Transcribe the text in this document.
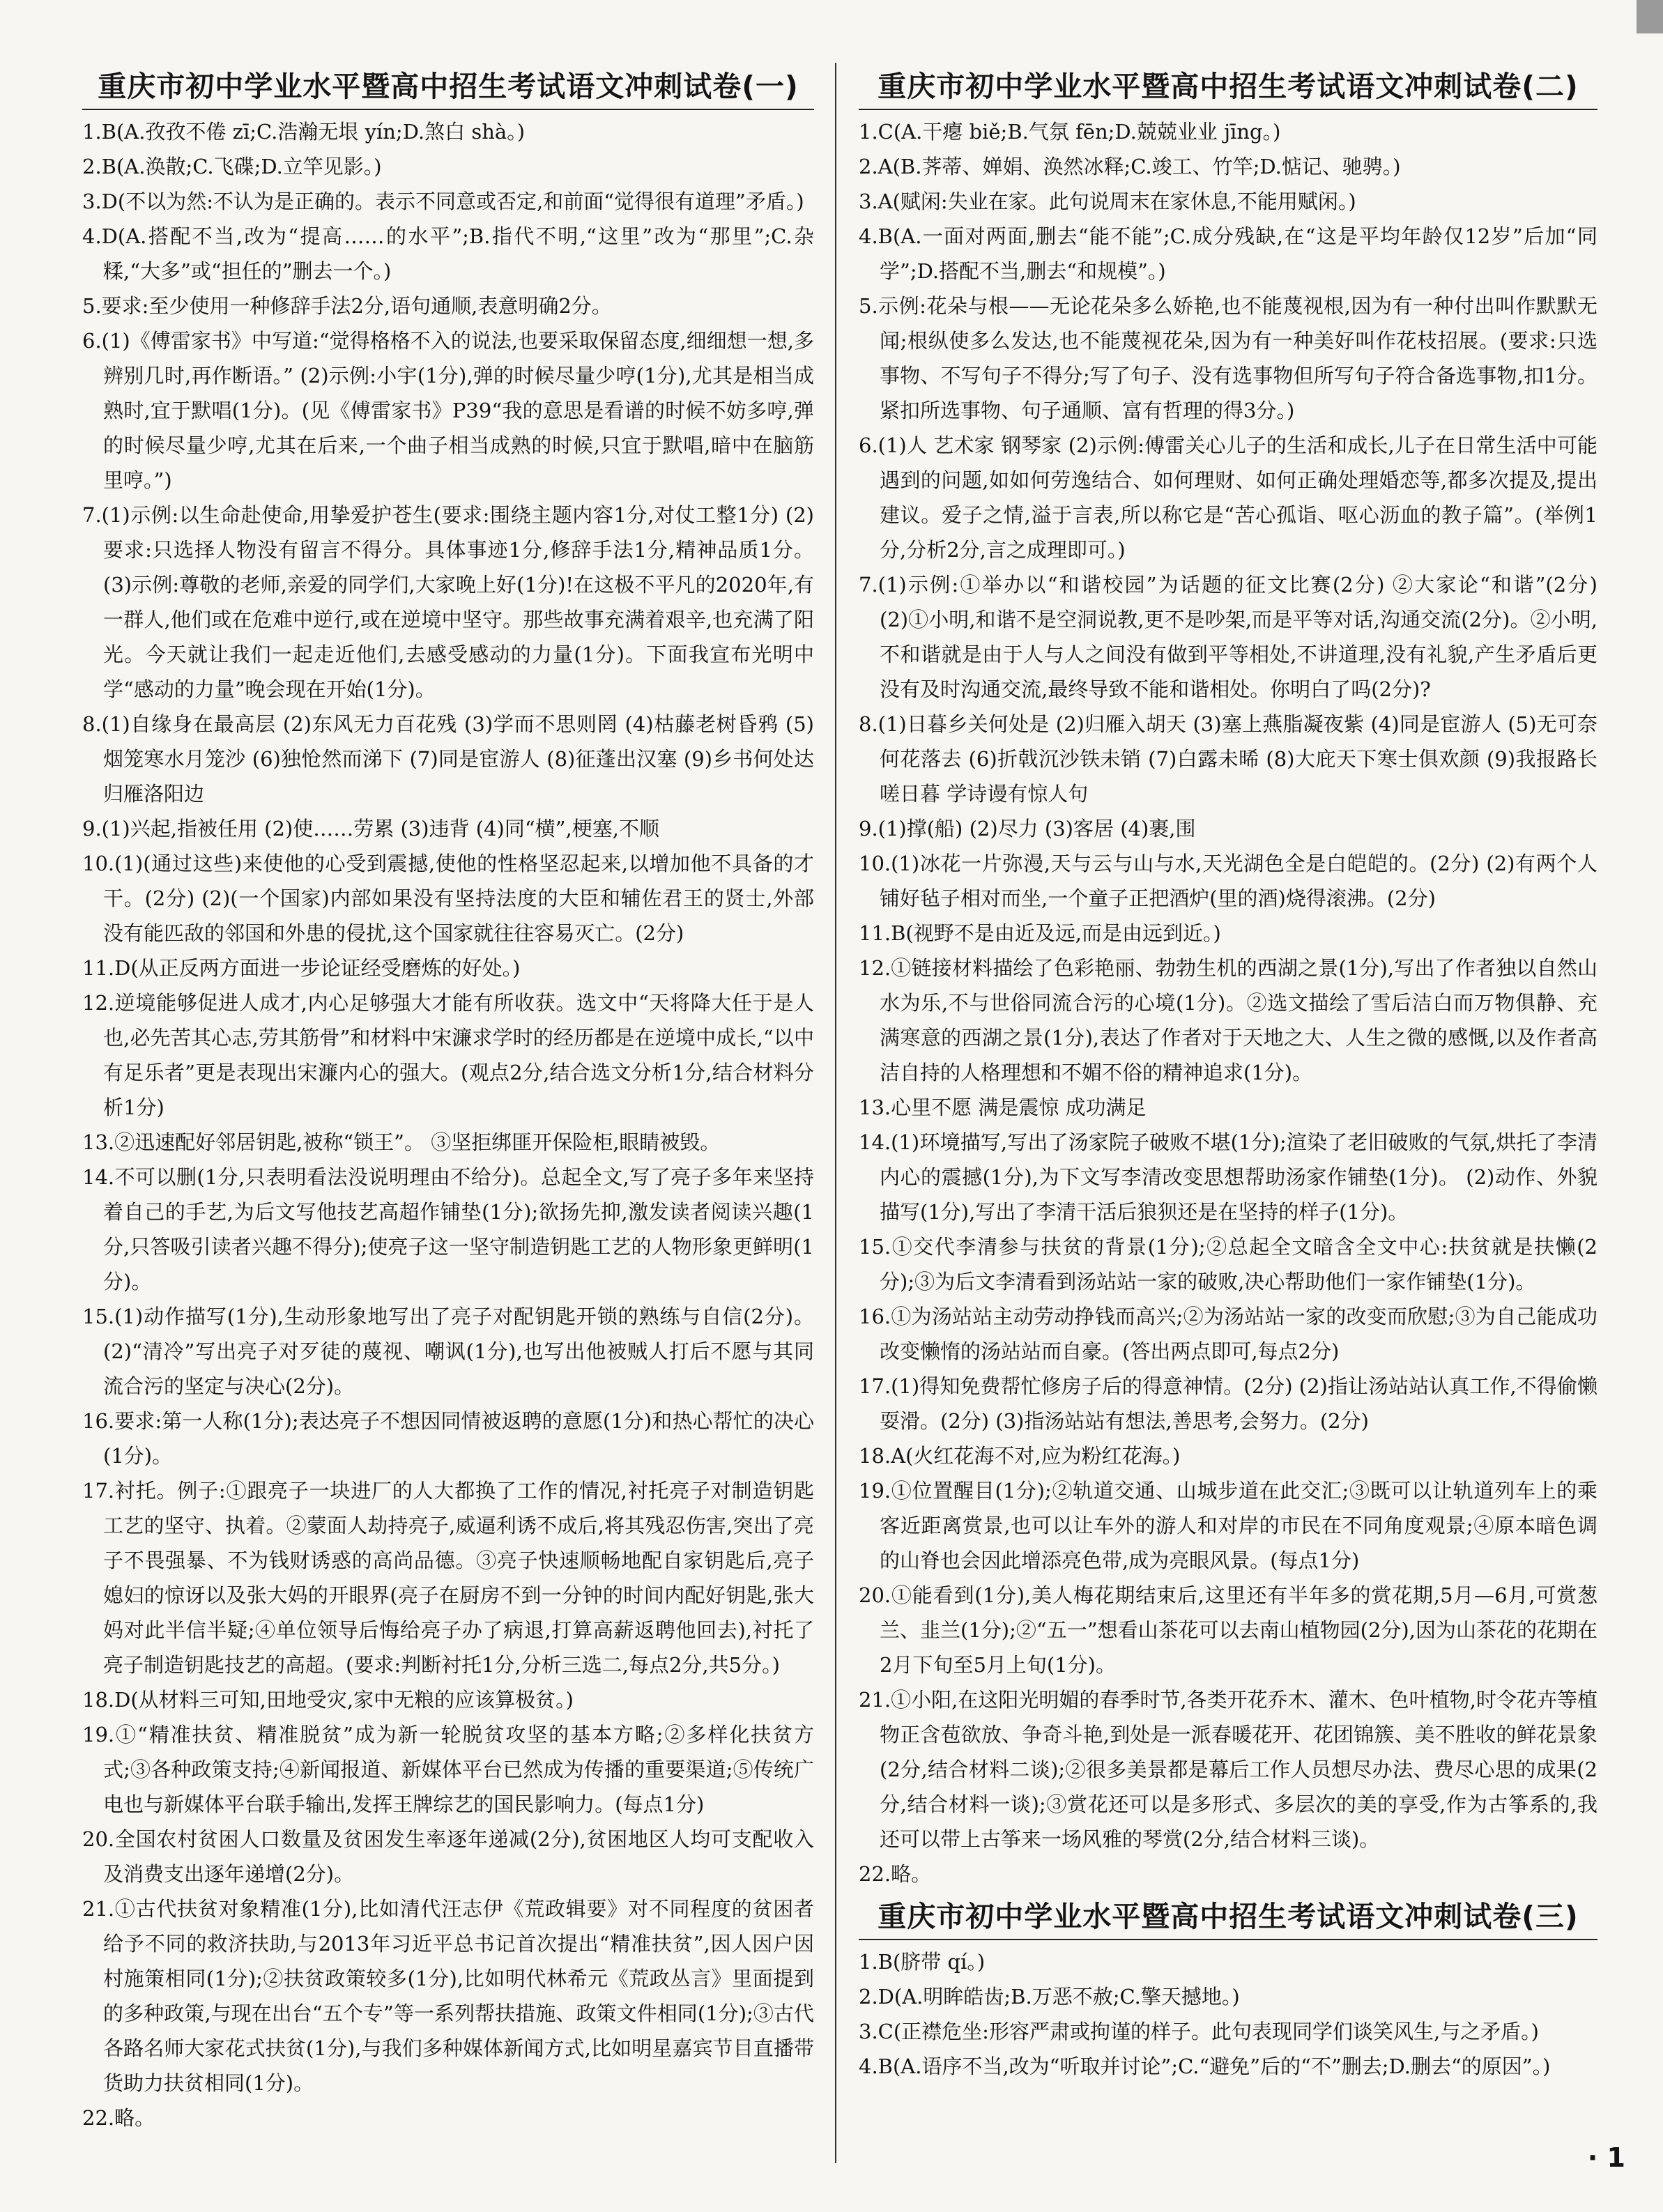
重庆市初中学业水平暨高中招生考试语文冲刺试卷(一)

1.B(A.孜孜不倦 zī;C.浩瀚无垠 yín;D.煞白 shà。)

2.B(A.涣散;C.飞碟;D.立竿见影。)

3.D(不以为然:不认为是正确的。表示不同意或否定,和前面“觉得很有道理”矛盾。)

4.D(A.搭配不当,改为“提高……的水平”;B.指代不明,“这里”改为“那里”;C.杂糅,“大多”或“担任的”删去一个。)

5.要求:至少使用一种修辞手法2分,语句通顺,表意明确2分。

6.(1)《傅雷家书》中写道:“觉得格格不入的说法,也要采取保留态度,细细想一想,多辨别几时,再作断语。” (2)示例:小宇(1分),弹的时候尽量少哼(1分),尤其是相当成熟时,宜于默唱(1分)。(见《傅雷家书》P39“我的意思是看谱的时候不妨多哼,弹的时候尽量少哼,尤其在后来,一个曲子相当成熟的时候,只宜于默唱,暗中在脑筋里哼。”)

7.(1)示例:以生命赴使命,用挚爱护苍生(要求:围绕主题内容1分,对仗工整1分) (2)要求:只选择人物没有留言不得分。具体事迹1分,修辞手法1分,精神品质1分。 (3)示例:尊敬的老师,亲爱的同学们,大家晚上好(1分)!在这极不平凡的2020年,有一群人,他们或在危难中逆行,或在逆境中坚守。那些故事充满着艰辛,也充满了阳光。今天就让我们一起走近他们,去感受感动的力量(1分)。下面我宣布光明中学“感动的力量”晚会现在开始(1分)。

8.(1)自缘身在最高层 (2)东风无力百花残 (3)学而不思则罔 (4)枯藤老树昏鸦 (5)烟笼寒水月笼沙 (6)独怆然而涕下 (7)同是宦游人 (8)征蓬出汉塞 (9)乡书何处达 归雁洛阳边

9.(1)兴起,指被任用 (2)使……劳累 (3)违背 (4)同“横”,梗塞,不顺

10.(1)(通过这些)来使他的心受到震撼,使他的性格坚忍起来,以增加他不具备的才干。(2分) (2)(一个国家)内部如果没有坚持法度的大臣和辅佐君王的贤士,外部没有能匹敌的邻国和外患的侵扰,这个国家就往往容易灭亡。(2分)

11.D(从正反两方面进一步论证经受磨炼的好处。)

12.逆境能够促进人成才,内心足够强大才能有所收获。选文中“天将降大任于是人也,必先苦其心志,劳其筋骨”和材料中宋濂求学时的经历都是在逆境中成长,“以中有足乐者”更是表现出宋濂内心的强大。(观点2分,结合选文分析1分,结合材料分析1分)

13.②迅速配好邻居钥匙,被称“锁王”。 ③坚拒绑匪开保险柜,眼睛被毁。

14.不可以删(1分,只表明看法没说明理由不给分)。总起全文,写了亮子多年来坚持着自己的手艺,为后文写他技艺高超作铺垫(1分);欲扬先抑,激发读者阅读兴趣(1分,只答吸引读者兴趣不得分);使亮子这一坚守制造钥匙工艺的人物形象更鲜明(1分)。

15.(1)动作描写(1分),生动形象地写出了亮子对配钥匙开锁的熟练与自信(2分)。 (2)“清冷”写出亮子对歹徒的蔑视、嘲讽(1分),也写出他被贼人打后不愿与其同流合污的坚定与决心(2分)。

16.要求:第一人称(1分);表达亮子不想因同情被返聘的意愿(1分)和热心帮忙的决心(1分)。

17.衬托。例子:①跟亮子一块进厂的人大都换了工作的情况,衬托亮子对制造钥匙工艺的坚守、执着。②蒙面人劫持亮子,威逼利诱不成后,将其残忍伤害,突出了亮子不畏强暴、不为钱财诱惑的高尚品德。③亮子快速顺畅地配自家钥匙后,亮子媳妇的惊讶以及张大妈的开眼界(亮子在厨房不到一分钟的时间内配好钥匙,张大妈对此半信半疑;④单位领导后悔给亮子办了病退,打算高薪返聘他回去),衬托了亮子制造钥匙技艺的高超。(要求:判断衬托1分,分析三选二,每点2分,共5分。)

18.D(从材料三可知,田地受灾,家中无粮的应该算极贫。)

19.①“精准扶贫、精准脱贫”成为新一轮脱贫攻坚的基本方略;②多样化扶贫方式;③各种政策支持;④新闻报道、新媒体平台已然成为传播的重要渠道;⑤传统广电也与新媒体平台联手输出,发挥王牌综艺的国民影响力。(每点1分)

20.全国农村贫困人口数量及贫困发生率逐年递减(2分),贫困地区人均可支配收入及消费支出逐年递增(2分)。

21.①古代扶贫对象精准(1分),比如清代汪志伊《荒政辑要》对不同程度的贫困者给予不同的救济扶助,与2013年习近平总书记首次提出“精准扶贫”,因人因户因村施策相同(1分);②扶贫政策较多(1分),比如明代林希元《荒政丛言》里面提到的多种政策,与现在出台“五个专”等一系列帮扶措施、政策文件相同(1分);③古代各路名师大家花式扶贫(1分),与我们多种媒体新闻方式,比如明星嘉宾节目直播带货助力扶贫相同(1分)。

22.略。

重庆市初中学业水平暨高中招生考试语文冲刺试卷(二)

1.C(A.干瘪 biě;B.气氛 fēn;D.兢兢业业 jīng。)

2.A(B.荠蒂、婵娟、涣然冰释;C.竣工、竹竿;D.惦记、驰骋。)

3.A(赋闲:失业在家。此句说周末在家休息,不能用赋闲。)

4.B(A.一面对两面,删去“能不能”;C.成分残缺,在“这是平均年龄仅12岁”后加“同学”;D.搭配不当,删去“和规模”。)

5.示例:花朵与根——无论花朵多么娇艳,也不能蔑视根,因为有一种付出叫作默默无闻;根纵使多么发达,也不能蔑视花朵,因为有一种美好叫作花枝招展。(要求:只选事物、不写句子不得分;写了句子、没有选事物但所写句子符合备选事物,扣1分。紧扣所选事物、句子通顺、富有哲理的得3分。)

6.(1)人 艺术家 钢琴家 (2)示例:傅雷关心儿子的生活和成长,儿子在日常生活中可能遇到的问题,如如何劳逸结合、如何理财、如何正确处理婚恋等,都多次提及,提出建议。爱子之情,溢于言表,所以称它是“苦心孤诣、呕心沥血的教子篇”。(举例1分,分析2分,言之成理即可。)

7.(1)示例:①举办以“和谐校园”为话题的征文比赛(2分) ②大家论“和谐”(2分) (2)①小明,和谐不是空洞说教,更不是吵架,而是平等对话,沟通交流(2分)。②小明,不和谐就是由于人与人之间没有做到平等相处,不讲道理,没有礼貌,产生矛盾后更没有及时沟通交流,最终导致不能和谐相处。你明白了吗(2分)?

8.(1)日暮乡关何处是 (2)归雁入胡天 (3)塞上燕脂凝夜紫 (4)同是宦游人 (5)无可奈何花落去 (6)折戟沉沙铁未销 (7)白露未晞 (8)大庇天下寒士俱欢颜 (9)我报路长嗟日暮 学诗谩有惊人句

9.(1)撑(船) (2)尽力 (3)客居 (4)裹,围

10.(1)冰花一片弥漫,天与云与山与水,天光湖色全是白皑皑的。(2分) (2)有两个人铺好毡子相对而坐,一个童子正把酒炉(里的酒)烧得滚沸。(2分)

11.B(视野不是由近及远,而是由远到近。)

12.①链接材料描绘了色彩艳丽、勃勃生机的西湖之景(1分),写出了作者独以自然山水为乐,不与世俗同流合污的心境(1分)。②选文描绘了雪后洁白而万物俱静、充满寒意的西湖之景(1分),表达了作者对于天地之大、人生之微的感慨,以及作者高洁自持的人格理想和不媚不俗的精神追求(1分)。

13.心里不愿 满是震惊 成功满足

14.(1)环境描写,写出了汤家院子破败不堪(1分);渲染了老旧破败的气氛,烘托了李清内心的震撼(1分),为下文写李清改变思想帮助汤家作铺垫(1分)。 (2)动作、外貌描写(1分),写出了李清干活后狼狈还是在坚持的样子(1分)。

15.①交代李清参与扶贫的背景(1分);②总起全文暗含全文中心:扶贫就是扶懒(2分);③为后文李清看到汤站站一家的破败,决心帮助他们一家作铺垫(1分)。

16.①为汤站站主动劳动挣钱而高兴;②为汤站站一家的改变而欣慰;③为自己能成功改变懒惰的汤站站而自豪。(答出两点即可,每点2分)

17.(1)得知免费帮忙修房子后的得意神情。(2分) (2)指让汤站站认真工作,不得偷懒耍滑。(2分) (3)指汤站站有想法,善思考,会努力。(2分)

18.A(火红花海不对,应为粉红花海。)

19.①位置醒目(1分);②轨道交通、山城步道在此交汇;③既可以让轨道列车上的乘客近距离赏景,也可以让车外的游人和对岸的市民在不同角度观景;④原本暗色调的山脊也会因此增添亮色带,成为亮眼风景。(每点1分)

20.①能看到(1分),美人梅花期结束后,这里还有半年多的赏花期,5月—6月,可赏葱兰、韭兰(1分);②“五一”想看山茶花可以去南山植物园(2分),因为山茶花的花期在2月下旬至5月上旬(1分)。

21.①小阳,在这阳光明媚的春季时节,各类开花乔木、灌木、色叶植物,时令花卉等植物正含苞欲放、争奇斗艳,到处是一派春暖花开、花团锦簇、美不胜收的鲜花景象(2分,结合材料二谈);②很多美景都是幕后工作人员想尽办法、费尽心思的成果(2分,结合材料一谈);③赏花还可以是多形式、多层次的美的享受,作为古筝系的,我还可以带上古筝来一场风雅的琴赏(2分,结合材料三谈)。

22.略。

重庆市初中学业水平暨高中招生考试语文冲刺试卷(三)

1.B(脐带 qí。)

2.D(A.明眸皓齿;B.万恶不赦;C.擎天撼地。)

3.C(正襟危坐:形容严肃或拘谨的样子。此句表现同学们谈笑风生,与之矛盾。)

4.B(A.语序不当,改为“听取并讨论”;C.“避免”后的“不”删去;D.删去“的原因”。)

· 1
